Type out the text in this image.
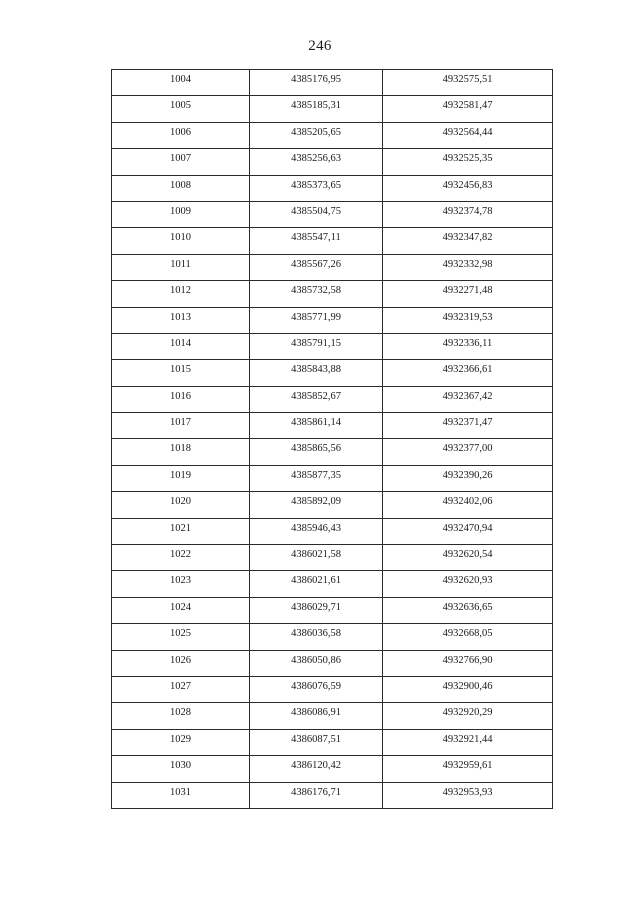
246
1004	4385176,95	4932575,51
1005	4385185,31	4932581,47
1006	4385205,65	4932564,44
1007	4385256,63	4932525,35
1008	4385373,65	4932456,83
1009	4385504,75	4932374,78
1010	4385547,11	4932347,82
1011	4385567,26	4932332,98
1012	4385732,58	4932271,48
1013	4385771,99	4932319,53
1014	4385791,15	4932336,11
1015	4385843,88	4932366,61
1016	4385852,67	4932367,42
1017	4385861,14	4932371,47
1018	4385865,56	4932377,00
1019	4385877,35	4932390,26
1020	4385892,09	4932402,06
1021	4385946,43	4932470,94
1022	4386021,58	4932620,54
1023	4386021,61	4932620,93
1024	4386029,71	4932636,65
1025	4386036,58	4932668,05
1026	4386050,86	4932766,90
1027	4386076,59	4932900,46
1028	4386086,91	4932920,29
1029	4386087,51	4932921,44
1030	4386120,42	4932959,61
1031	4386176,71	4932953,93
